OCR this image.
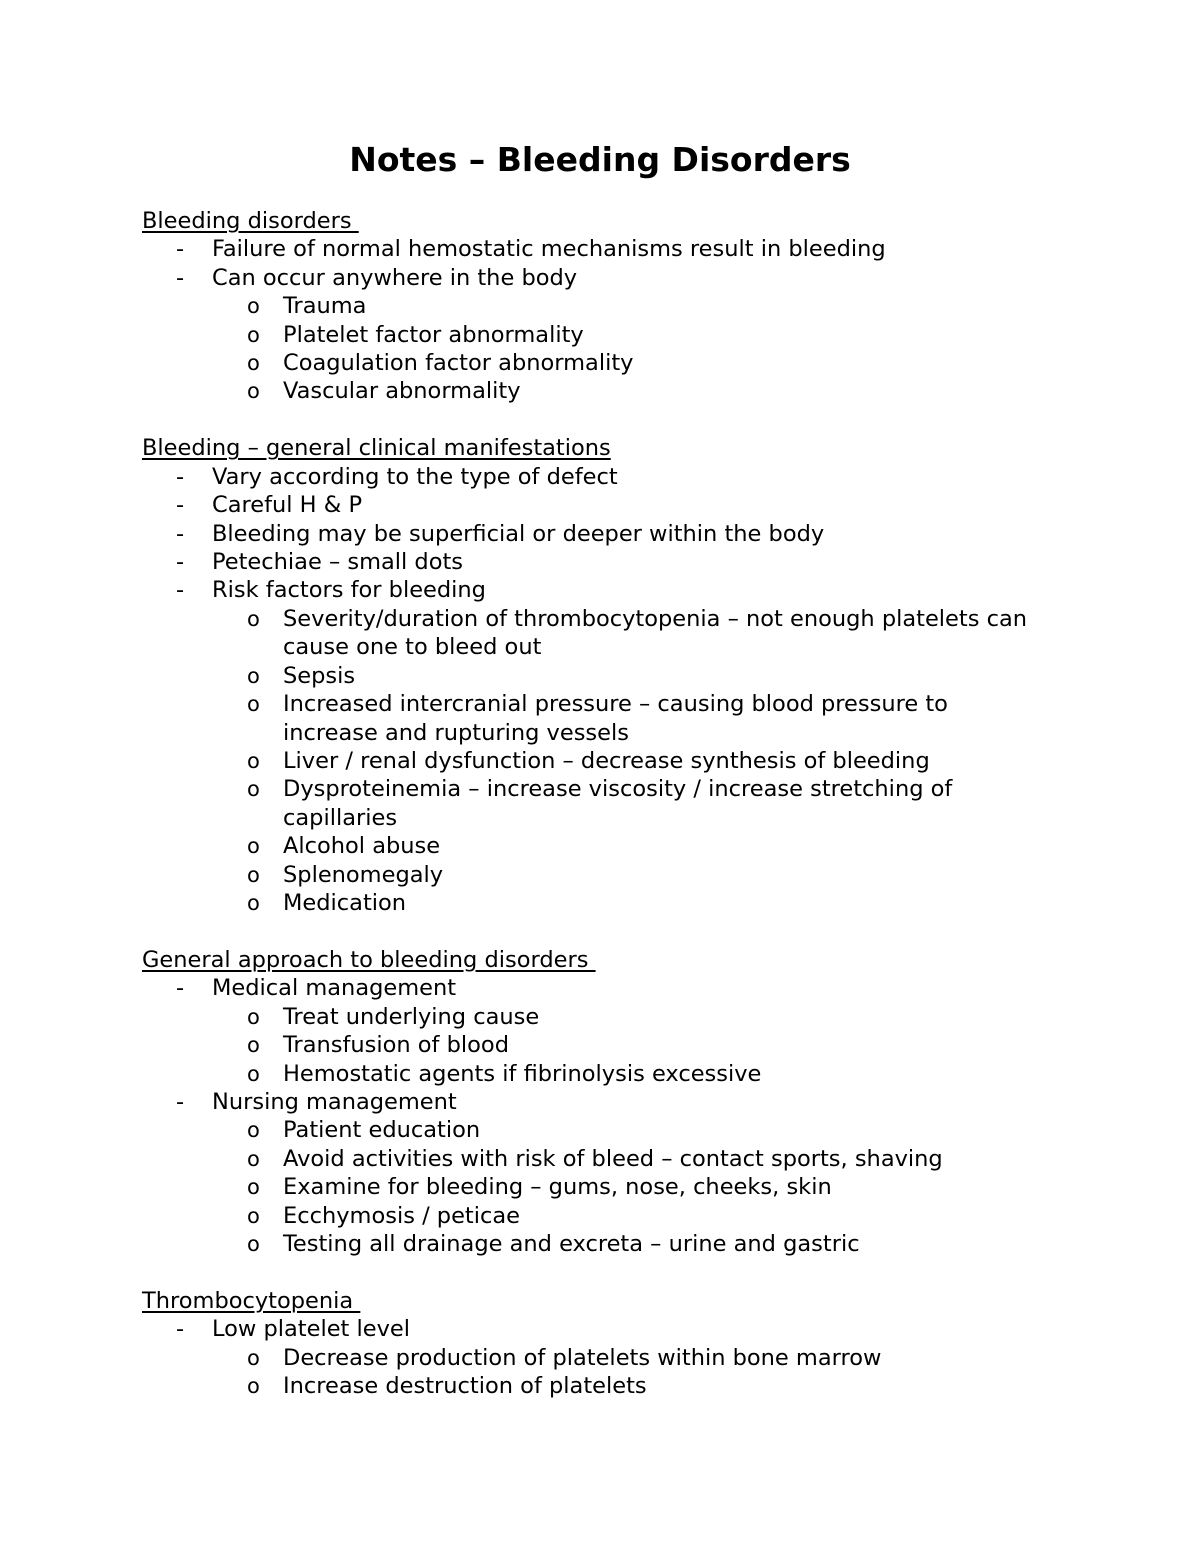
Notes – Bleeding Disorders
Bleeding disorders
- Failure of normal hemostatic mechanisms result in bleeding
- Can occur anywhere in the body
o Trauma
o Platelet factor abnormality
o Coagulation factor abnormality
o Vascular abnormality
Bleeding – general clinical manifestations
- Vary according to the type of defect
- Careful H & P
- Bleeding may be superficial or deeper within the body
- Petechiae – small dots
- Risk factors for bleeding
o Severity/duration of thrombocytopenia – not enough platelets can cause one to bleed out
o Sepsis
o Increased intercranial pressure – causing blood pressure to increase and rupturing vessels
o Liver / renal dysfunction – decrease synthesis of bleeding
o Dysproteinemia – increase viscosity / increase stretching of capillaries
o Alcohol abuse
o Splenomegaly
o Medication
General approach to bleeding disorders
- Medical management
o Treat underlying cause
o Transfusion of blood
o Hemostatic agents if fibrinolysis excessive
- Nursing management
o Patient education
o Avoid activities with risk of bleed – contact sports, shaving
o Examine for bleeding – gums, nose, cheeks, skin
o Ecchymosis / peticae
o Testing all drainage and excreta – urine and gastric
Thrombocytopenia
- Low platelet level
o Decrease production of platelets within bone marrow
o Increase destruction of platelets
